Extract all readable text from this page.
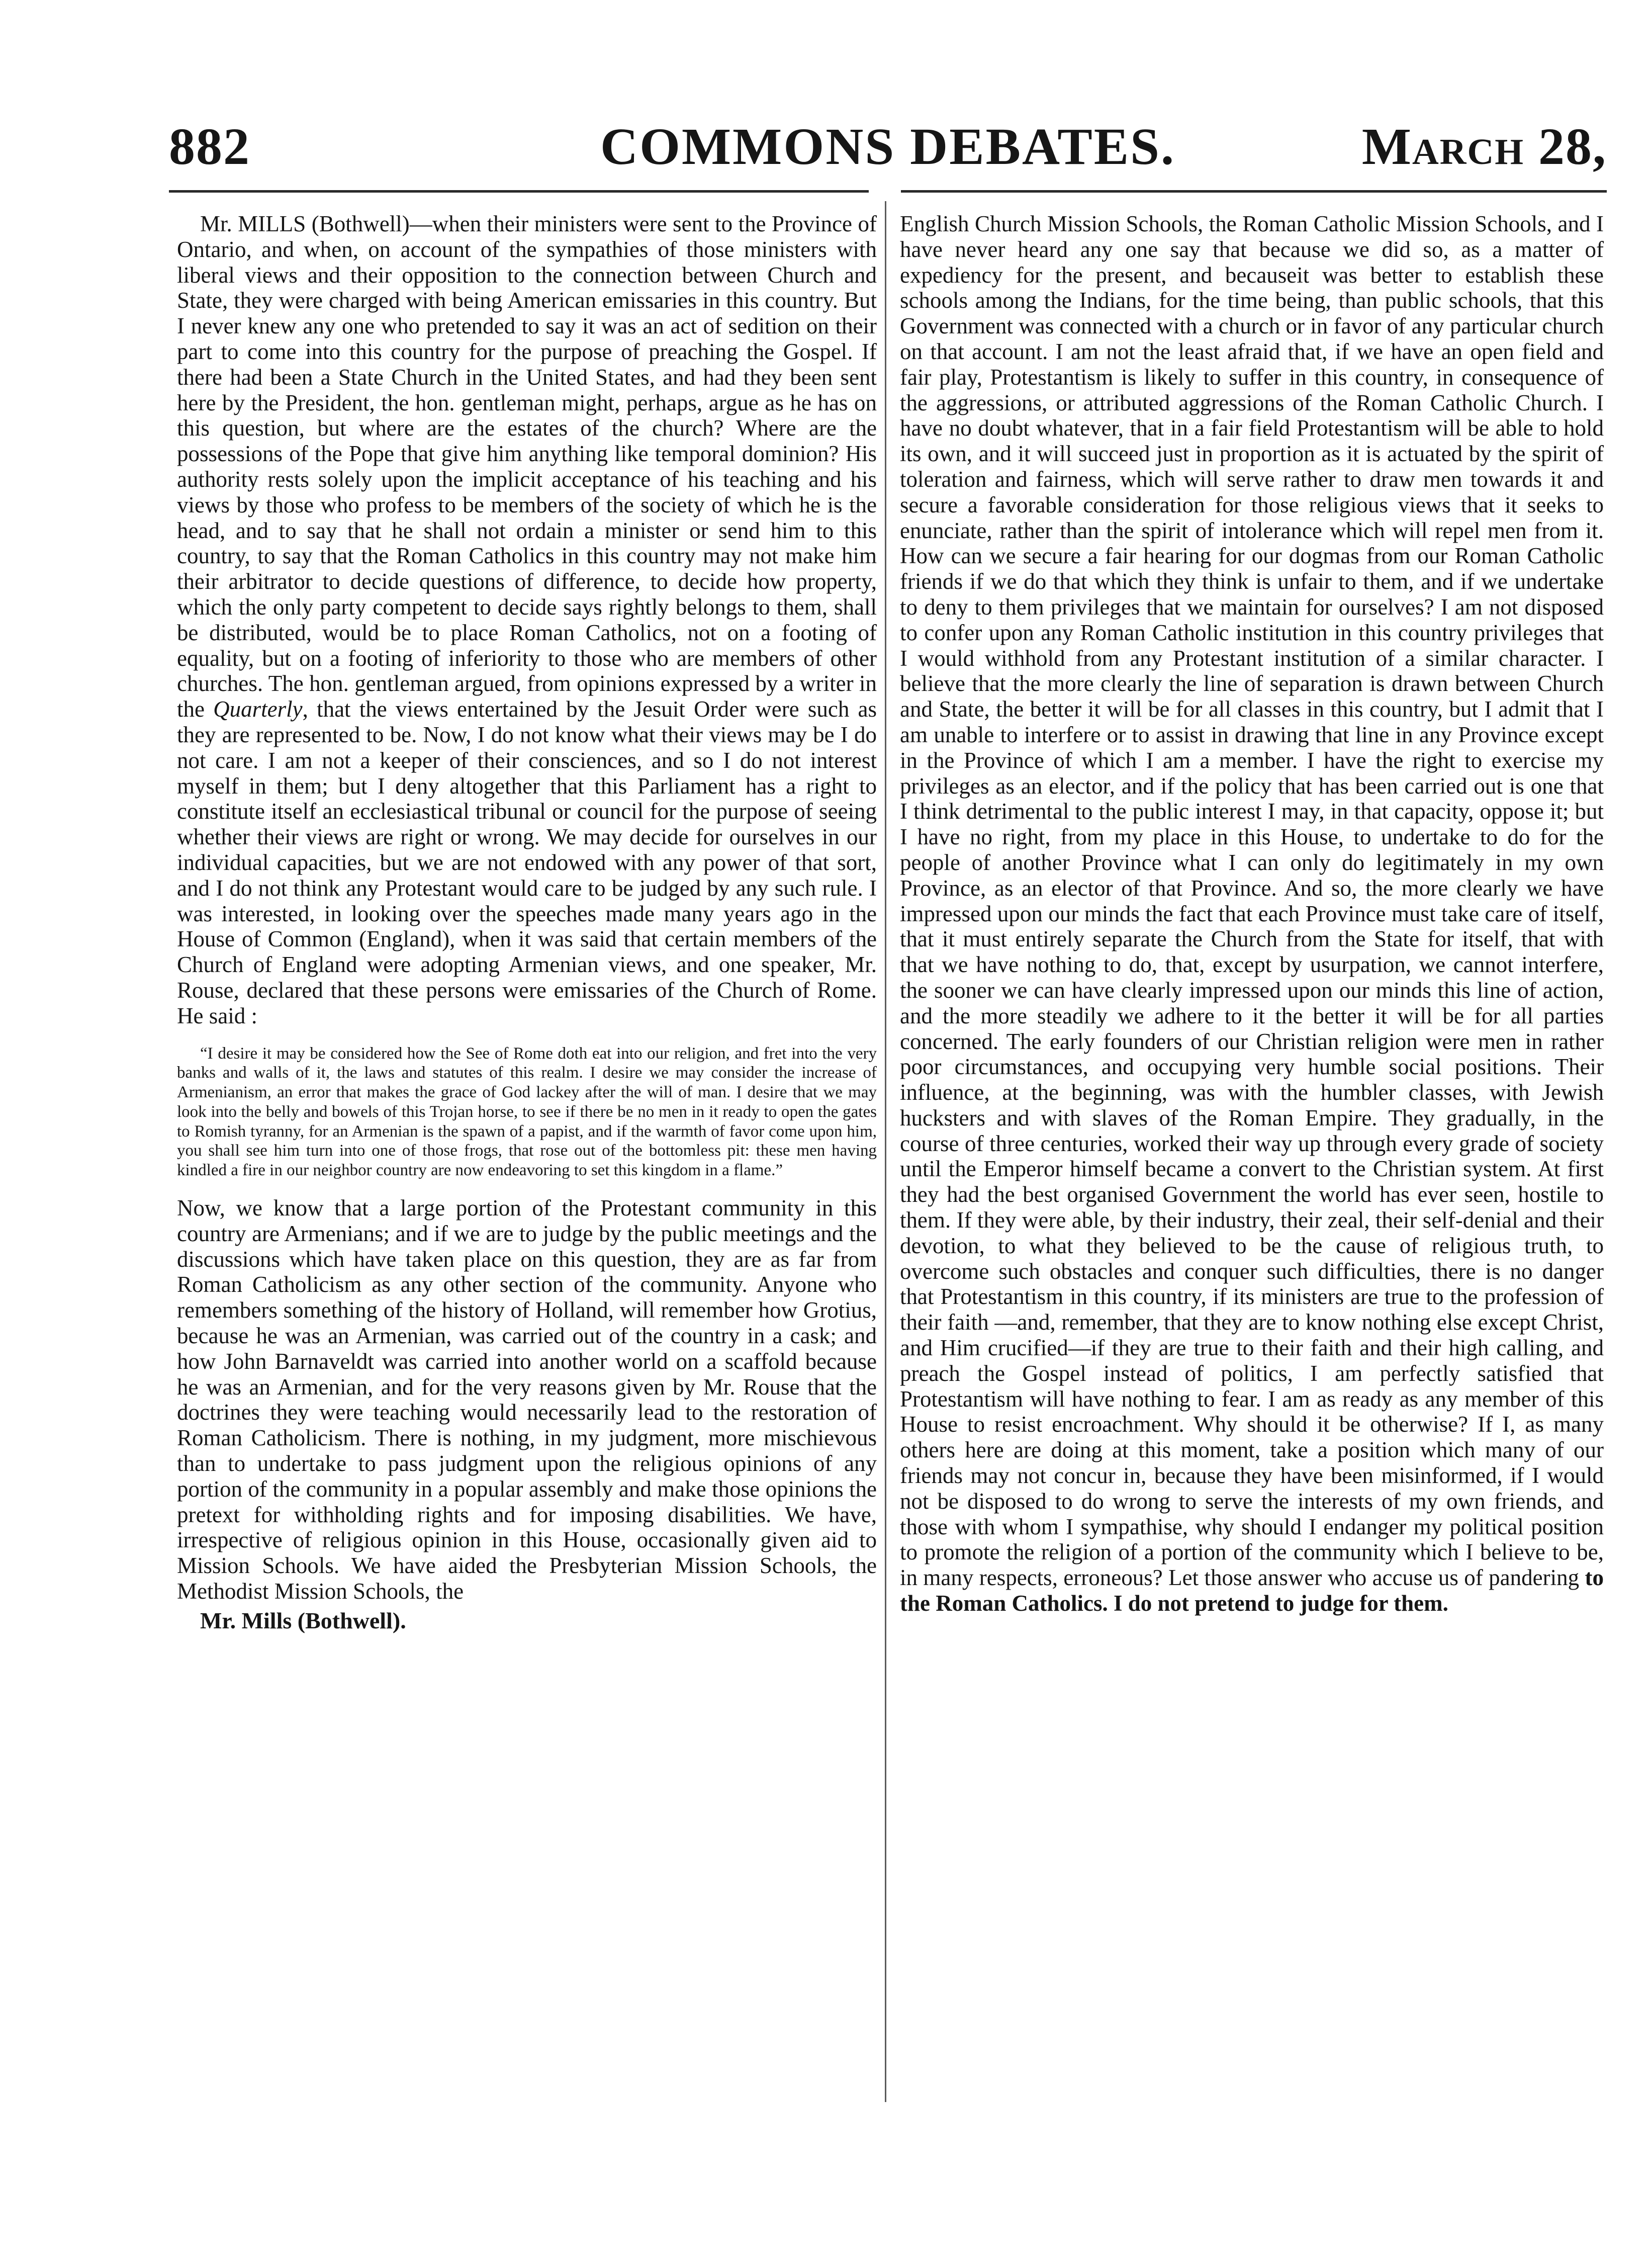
882	COMMONS DEBATES.	March 28,

Mr. MILLS (Bothwell)—when their ministers were sent to the Province of Ontario, and when, on account of the sympathies of those ministers with liberal views and their opposition to the connection between Church and State, they were charged with being American emissaries in this country. But I never knew any one who pretended to say it was an act of sedition on their part to come into this country for the purpose of preaching the Gospel. If there had been a State Church in the United States, and had they been sent here by the President, the hon. gentleman might, perhaps, argue as he has on this question, but where are the estates of the church? Where are the possessions of the Pope that give him anything like temporal dominion? His authority rests solely upon the implicit acceptance of his teaching and his views by those who profess to be members of the society of which he is the head, and to say that he shall not ordain a minister or send him to this country, to say that the Roman Catholics in this country may not make him their arbitrator to decide questions of difference, to decide how property, which the only party competent to decide says rightly belongs to them, shall be distributed, would be to place Roman Catholics, not on a footing of equality, but on a footing of inferiority to those who are members of other churches. The hon. gentleman argued, from opinions expressed by a writer in the Quarterly, that the views entertained by the Jesuit Order were such as they are represented to be. Now, I do not know what their views may be I do not care. I am not a keeper of their consciences, and so I do not interest myself in them; but I deny altogether that this Parliament has a right to constitute itself an ecclesiastical tribunal or council for the purpose of seeing whether their views are right or wrong. We may decide for ourselves in our individual capacities, but we are not endowed with any power of that sort, and I do not think any Protestant would care to be judged by any such rule. I was interested, in looking over the speeches made many years ago in the House of Common (England), when it was said that certain members of the Church of England were adopting Armenian views, and one speaker, Mr. Rouse, declared that these persons were emissaries of the Church of Rome. He said :

“I desire it may be considered how the See of Rome doth eat into our religion, and fret into the very banks and walls of it, the laws and statutes of this realm. I desire we may consider the increase of Armenianism, an error that makes the grace of God lackey after the will of man. I desire that we may look into the belly and bowels of this Trojan horse, to see if there be no men in it ready to open the gates to Romish tyranny, for an Armenian is the spawn of a papist, and if the warmth of favor come upon him, you shall see him turn into one of those frogs, that rose out of the bottomless pit: these men having kindled a fire in our neighbor country are now endeavoring to set this kingdom in a flame.”

Now, we know that a large portion of the Protestant community in this country are Armenians; and if we are to judge by the public meetings and the discussions which have taken place on this question, they are as far from Roman Catholicism as any other section of the community. Anyone who remembers something of the history of Holland, will remember how Grotius, because he was an Armenian, was carried out of the country in a cask; and how John Barnaveldt was carried into another world on a scaffold because he was an Armenian, and for the very reasons given by Mr. Rouse that the doctrines they were teaching would necessarily lead to the restoration of Roman Catholicism. There is nothing, in my judgment, more mischievous than to undertake to pass judgment upon the religious opinions of any portion of the community in a popular assembly and make those opinions the pretext for withholding rights and for imposing disabilities. We have, irrespective of religious opinion in this House, occasionally given aid to Mission Schools. We have aided the Presbyterian Mission Schools, the Methodist Mission Schools, the

Mr. Mills (Bothwell).

English Church Mission Schools, the Roman Catholic Mission Schools, and I have never heard any one say that because we did so, as a matter of expediency for the present, and becauseit was better to establish these schools among the Indians, for the time being, than public schools, that this Government was connected with a church or in favor of any particular church on that account. I am not the least afraid that, if we have an open field and fair play, Protestantism is likely to suffer in this country, in consequence of the aggressions, or attributed aggressions of the Roman Catholic Church. I have no doubt whatever, that in a fair field Protestantism will be able to hold its own, and it will succeed just in proportion as it is actuated by the spirit of toleration and fairness, which will serve rather to draw men towards it and secure a favorable consideration for those religious views that it seeks to enunciate, rather than the spirit of intolerance which will repel men from it. How can we secure a fair hearing for our dogmas from our Roman Catholic friends if we do that which they think is unfair to them, and if we undertake to deny to them privileges that we maintain for ourselves? I am not disposed to confer upon any Roman Catholic institution in this country privileges that I would withhold from any Protestant institution of a similar character. I believe that the more clearly the line of separation is drawn between Church and State, the better it will be for all classes in this country, but I admit that I am unable to interfere or to assist in drawing that line in any Province except in the Province of which I am a member. I have the right to exercise my privileges as an elector, and if the policy that has been carried out is one that I think detrimental to the public interest I may, in that capacity, oppose it; but I have no right, from my place in this House, to undertake to do for the people of another Province what I can only do legitimately in my own Province, as an elector of that Province. And so, the more clearly we have impressed upon our minds the fact that each Province must take care of itself, that it must entirely separate the Church from the State for itself, that with that we have nothing to do, that, except by usurpation, we cannot interfere, the sooner we can have clearly impressed upon our minds this line of action, and the more steadily we adhere to it the better it will be for all parties concerned. The early founders of our Christian religion were men in rather poor circumstances, and occupying very humble social positions. Their influence, at the beginning, was with the humbler classes, with Jewish hucksters and with slaves of the Roman Empire. They gradually, in the course of three centuries, worked their way up through every grade of society until the Emperor himself became a convert to the Christian system. At first they had the best organised Government the world has ever seen, hostile to them. If they were able, by their industry, their zeal, their self-denial and their devotion, to what they believed to be the cause of religious truth, to overcome such obstacles and conquer such difficulties, there is no danger that Protestantism in this country, if its ministers are true to the profession of their faith —and, remember, that they are to know nothing else except Christ, and Him crucified—if they are true to their faith and their high calling, and preach the Gospel instead of politics, I am perfectly satisfied that Protestantism will have nothing to fear. I am as ready as any member of this House to resist encroachment. Why should it be otherwise? If I, as many others here are doing at this moment, take a position which many of our friends may not concur in, because they have been misinformed, if I would not be disposed to do wrong to serve the interests of my own friends, and those with whom I sympathise, why should I endanger my political position to promote the religion of a portion of the community which I believe to be, in many respects, erroneous? Let those answer who accuse us of pandering to the Roman Catholics. I do not pretend to judge for them.
